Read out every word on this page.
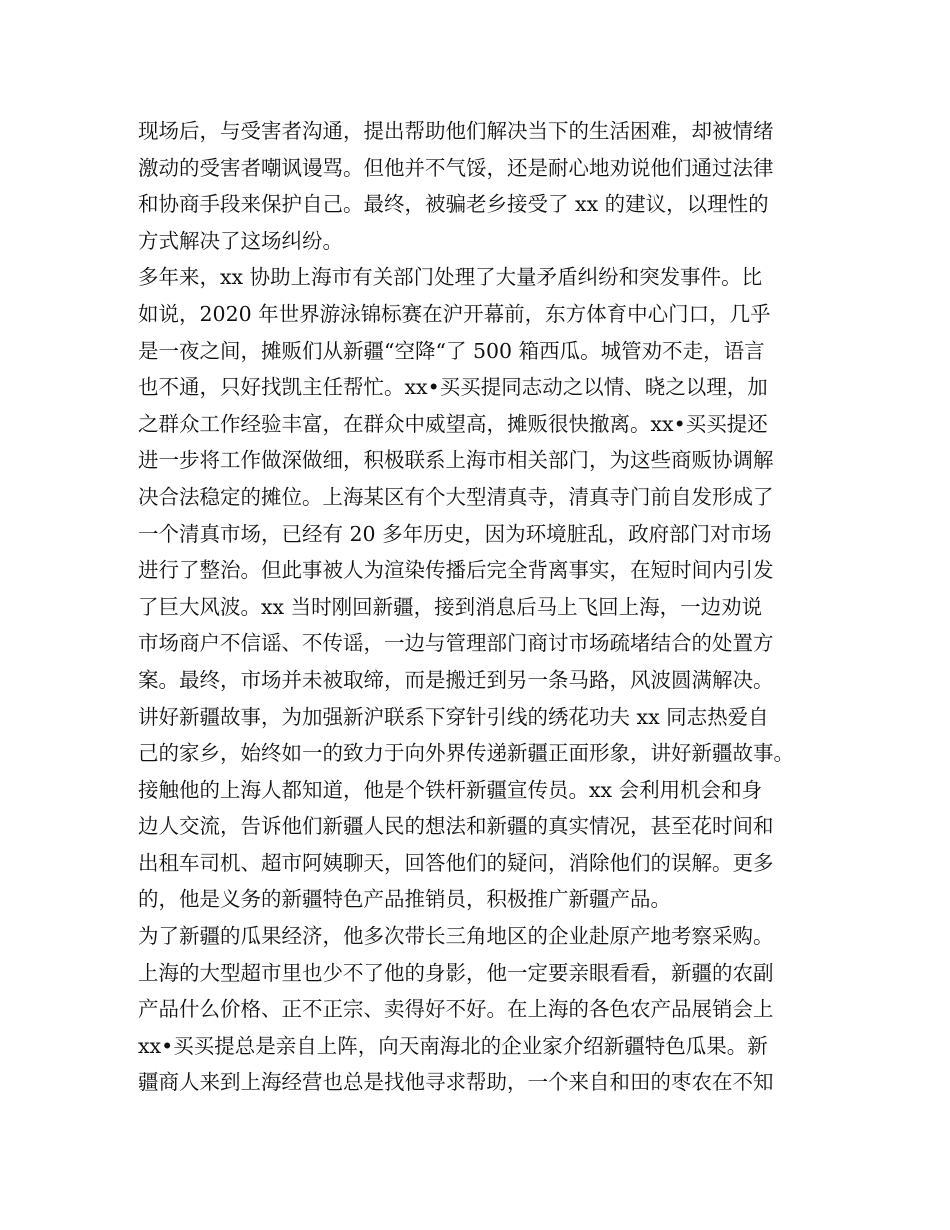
现场后，与受害者沟通，提出帮助他们解决当下的生活困难，却被情绪
激动的受害者嘲讽谩骂。但他并不气馁，还是耐心地劝说他们通过法律
和协商手段来保护自己。最终，被骗老乡接受了 xx 的建议，以理性的
方式解决了这场纠纷。
多年来，xx 协助上海市有关部门处理了大量矛盾纠纷和突发事件。比
如说，2020 年世界游泳锦标赛在沪开幕前，东方体育中心门口，几乎
是一夜之间，摊贩们从新疆“空降“了 500 箱西瓜。城管劝不走，语言
也不通，只好找凯主任帮忙。xx•买买提同志动之以情、晓之以理，加
之群众工作经验丰富，在群众中威望高，摊贩很快撤离。xx•买买提还
进一步将工作做深做细，积极联系上海市相关部门，为这些商贩协调解
决合法稳定的摊位。上海某区有个大型清真寺，清真寺门前自发形成了
一个清真市场，已经有 20 多年历史，因为环境脏乱，政府部门对市场
进行了整治。但此事被人为渲染传播后完全背离事实，在短时间内引发
了巨大风波。xx 当时刚回新疆，接到消息后马上飞回上海，一边劝说
市场商户不信谣、不传谣，一边与管理部门商讨市场疏堵结合的处置方
案。最终，市场并未被取缔，而是搬迁到另一条马路，风波圆满解决。
讲好新疆故事，为加强新沪联系下穿针引线的绣花功夫 xx 同志热爱自
己的家乡，始终如一的致力于向外界传递新疆正面形象，讲好新疆故事。
接触他的上海人都知道，他是个铁杆新疆宣传员。xx 会利用机会和身
边人交流，告诉他们新疆人民的想法和新疆的真实情况，甚至花时间和
出租车司机、超市阿姨聊天，回答他们的疑问，消除他们的误解。更多
的，他是义务的新疆特色产品推销员，积极推广新疆产品。
为了新疆的瓜果经济，他多次带长三角地区的企业赴原产地考察采购。
上海的大型超市里也少不了他的身影，他一定要亲眼看看，新疆的农副
产品什么价格、正不正宗、卖得好不好。在上海的各色农产品展销会上
xx•买买提总是亲自上阵，向天南海北的企业家介绍新疆特色瓜果。新
疆商人来到上海经营也总是找他寻求帮助，一个来自和田的枣农在不知
